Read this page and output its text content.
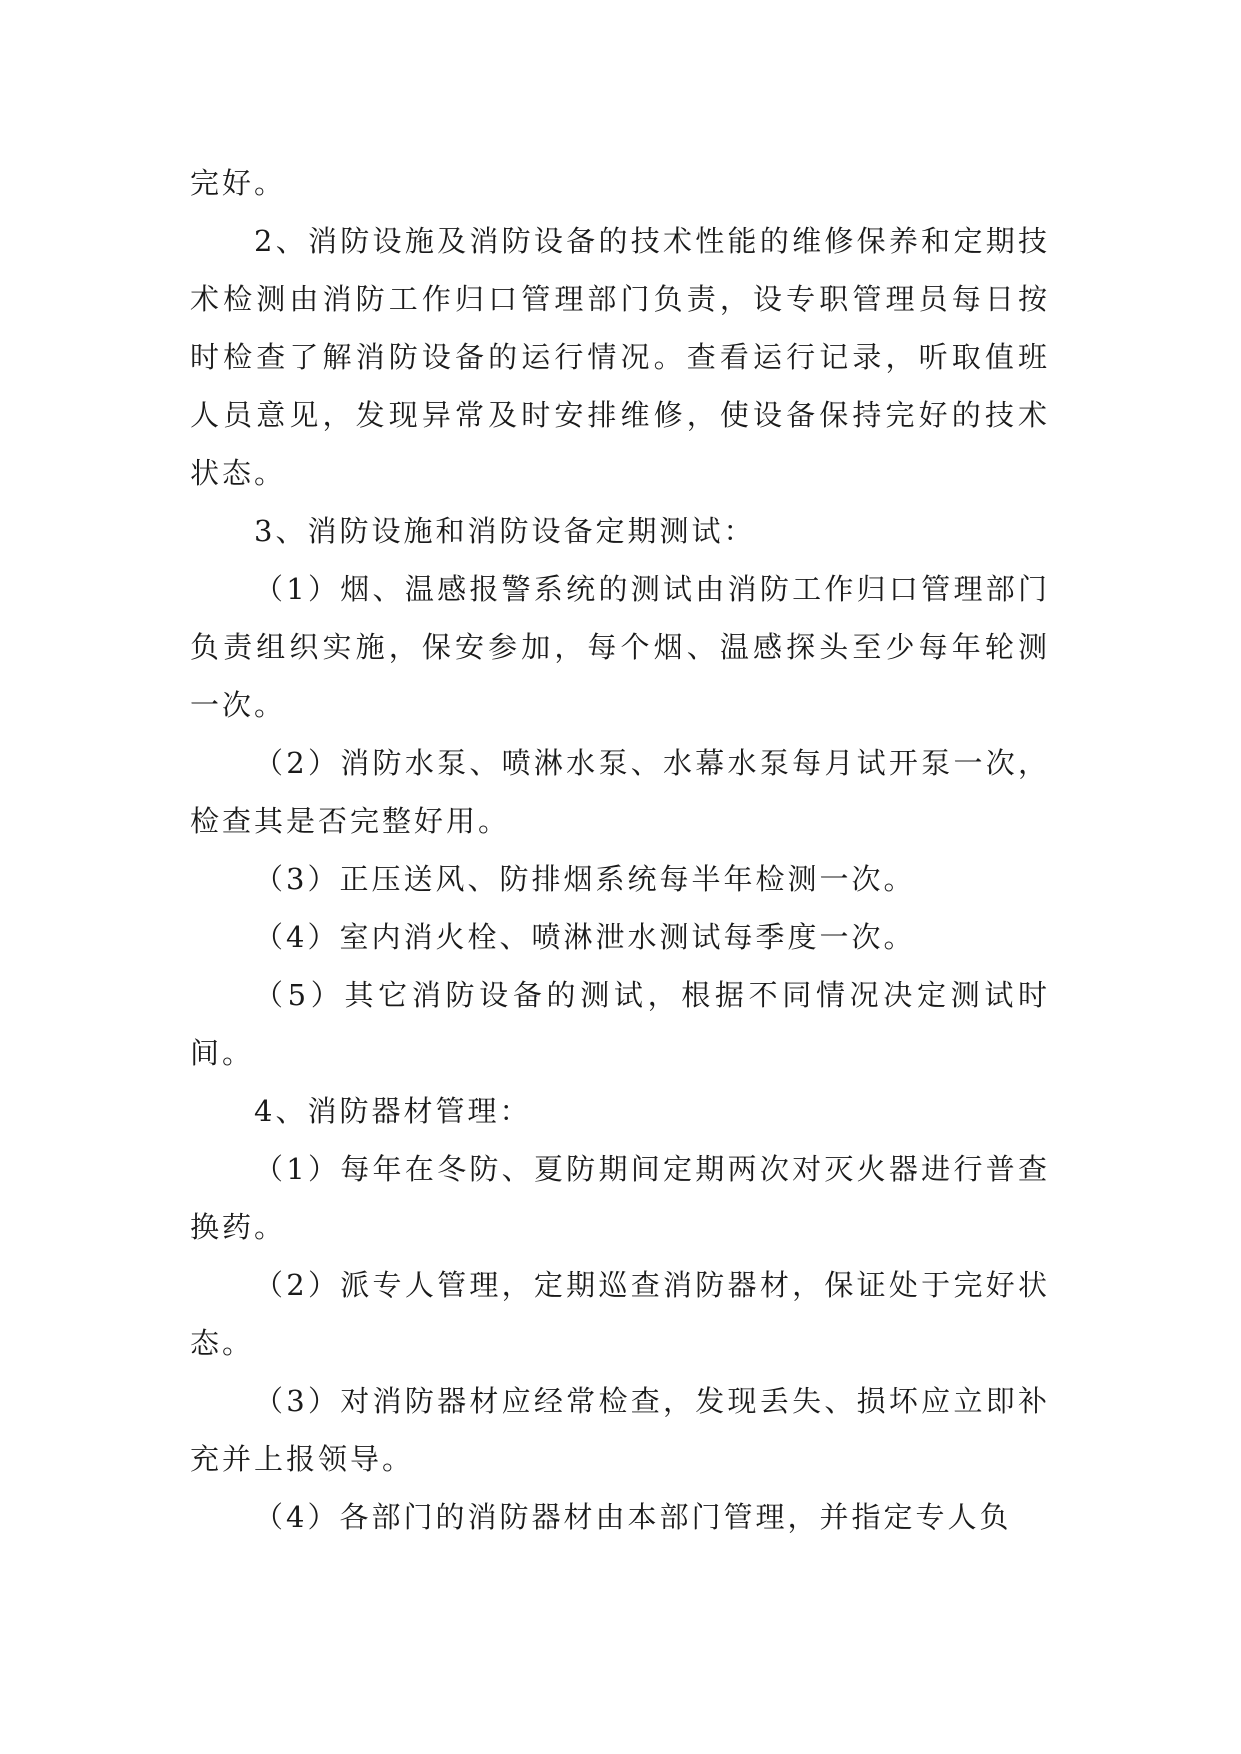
完好。

2、消防设施及消防设备的技术性能的维修保养和定期技术检测由消防工作归口管理部门负责，设专职管理员每日按时检查了解消防设备的运行情况。查看运行记录，听取值班人员意见，发现异常及时安排维修，使设备保持完好的技术状态。

3、消防设施和消防设备定期测试：

（1）烟、温感报警系统的测试由消防工作归口管理部门负责组织实施，保安参加，每个烟、温感探头至少每年轮测一次。

（2）消防水泵、喷淋水泵、水幕水泵每月试开泵一次，检查其是否完整好用。

（3）正压送风、防排烟系统每半年检测一次。

（4）室内消火栓、喷淋泄水测试每季度一次。

（5）其它消防设备的测试，根据不同情况决定测试时间。

4、消防器材管理：

（1）每年在冬防、夏防期间定期两次对灭火器进行普查换药。

（2）派专人管理，定期巡查消防器材，保证处于完好状态。

（3）对消防器材应经常检查，发现丢失、损坏应立即补充并上报领导。

（4）各部门的消防器材由本部门管理，并指定专人负
